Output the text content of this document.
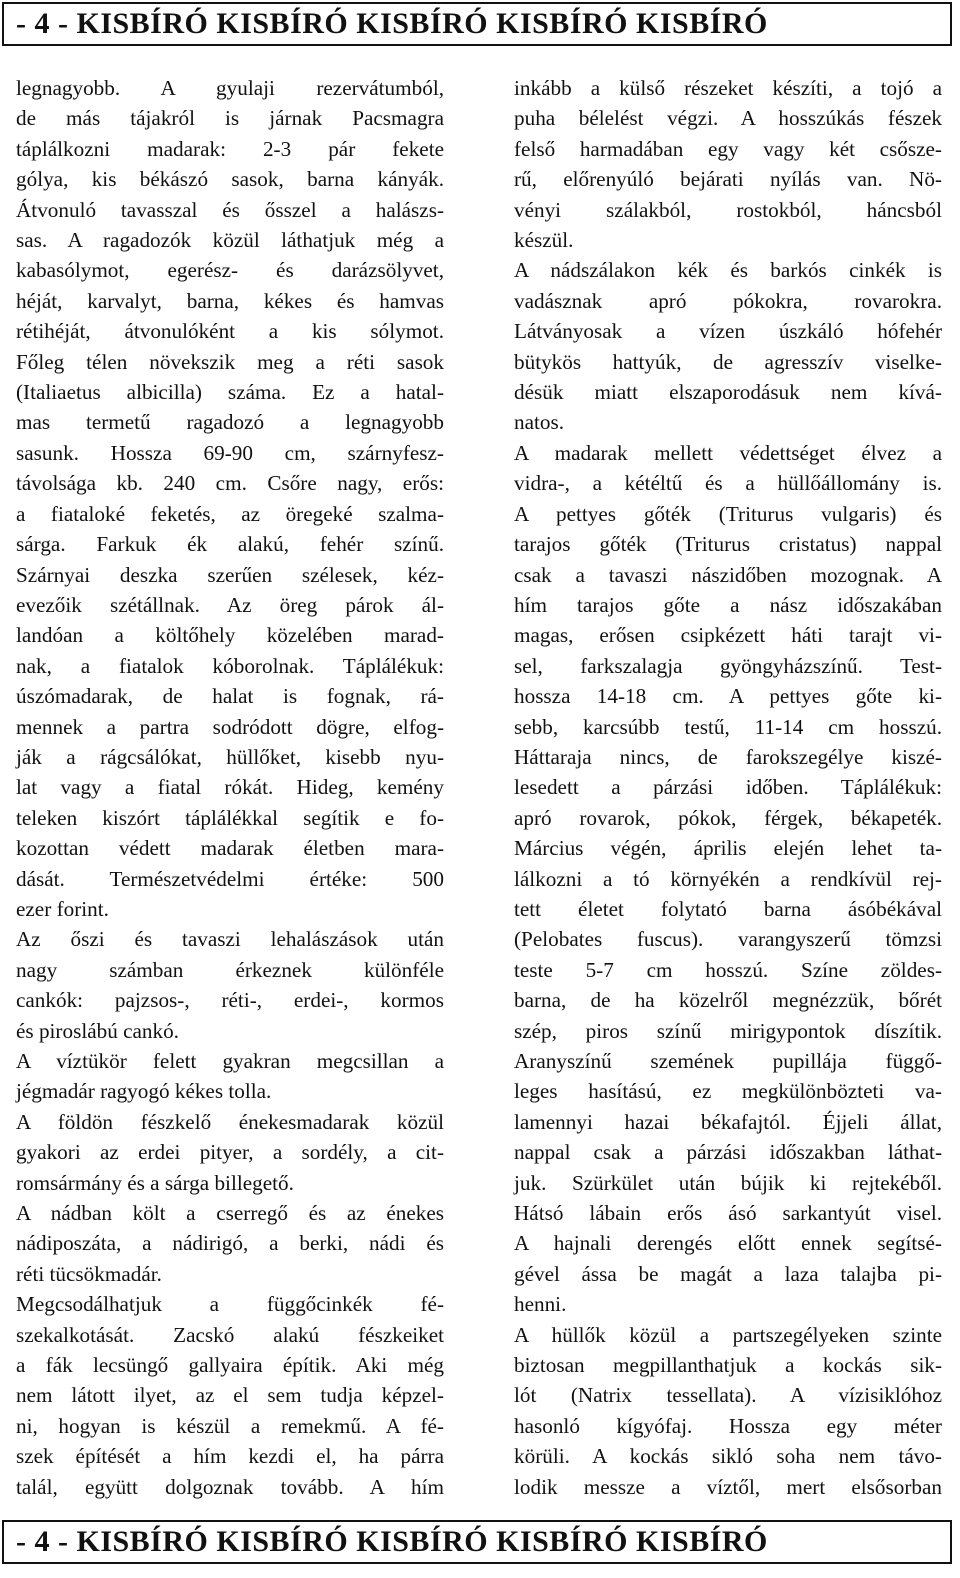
- 4 - KISBÍRÓ KISBÍRÓ KISBÍRÓ KISBÍRÓ KISBÍRÓ
legnagyobb. A gyulaji rezervátumból,
de más tájakról is járnak Pacsmagra
táplálkozni madarak: 2-3 pár fekete
gólya, kis békászó sasok, barna kányák.
Átvonuló tavasszal és ősszel a halászs-
sas. A ragadozók közül láthatjuk még a
kabasólymot, egerész- és darázsölyvet,
héját, karvalyt, barna, kékes és hamvas
rétihéját, átvonulóként a kis sólymot.
Főleg télen növekszik meg a réti sasok
(Italiaetus albicilla) száma. Ez a hatal-
mas termetű ragadozó a legnagyobb
sasunk. Hossza 69-90 cm, szárnyfesz-
távolsága kb. 240 cm. Csőre nagy, erős:
a fiataloké feketés, az öregeké szalma-
sárga. Farkuk ék alakú, fehér színű.
Szárnyai deszka szerűen szélesek, kéz-
evezőik szétállnak. Az öreg párok ál-
landóan a költőhely közelében marad-
nak, a fiatalok kóborolnak. Táplálékuk:
úszómadarak, de halat is fognak, rá-
mennek a partra sodródott dögre, elfog-
ják a rágcsálókat, hüllőket, kisebb nyu-
lat vagy a fiatal rókát. Hideg, kemény
teleken kiszórt táplálékkal segítik e fo-
kozottan védett madarak életben mara-
dását. Természetvédelmi értéke: 500
ezer forint.
Az őszi és tavaszi lehalászások után
nagy számban érkeznek különféle
cankók: pajzsos-, réti-, erdei-, kormos
és piroslábú cankó.
A víztükör felett gyakran megcsillan a
jégmadár ragyogó kékes tolla.
A földön fészkelő énekesmadarak közül
gyakori az erdei pityer, a sordély, a cit-
romsármány és a sárga billegető.
A nádban költ a cserregő és az énekes
nádiposzáta, a nádirigó, a berki, nádi és
réti tücsökmadár.
Megcsodálhatjuk a függőcinkék fé-
szekalkotását. Zacskó alakú fészkeiket
a fák lecsüngő gallyaira építik. Aki még
nem látott ilyet, az el sem tudja képzel-
ni, hogyan is készül a remekmű. A fé-
szek építését a hím kezdi el, ha párra
talál, együtt dolgoznak tovább. A hím
inkább a külső részeket készíti, a tojó a
puha bélelést végzi. A hosszúkás fészek
felső harmadában egy vagy két csősze-
rű, előrenyúló bejárati nyílás van. Nö-
vényi szálakból, rostokból, háncsból
készül.
A nádszálakon kék és barkós cinkék is
vadásznak apró pókokra, rovarokra.
Látványosak a vízen úszkáló hófehér
bütykös hattyúk, de agresszív viselke-
désük miatt elszaporodásuk nem kívá-
natos.
A madarak mellett védettséget élvez a
vidra-, a kétéltű és a hüllőállomány is.
A pettyes gőték (Triturus vulgaris) és
tarajos gőték (Triturus cristatus) nappal
csak a tavaszi nászidőben mozognak. A
hím tarajos gőte a nász időszakában
magas, erősen csipkézett háti tarajt vi-
sel, farkszalagja gyöngyházszínű. Test-
hossza 14-18 cm. A pettyes gőte ki-
sebb, karcsúbb testű, 11-14 cm hosszú.
Háttaraja nincs, de farokszegélye kiszé-
lesedett a párzási időben. Táplálékuk:
apró rovarok, pókok, férgek, békapeték.
Március végén, április elején lehet ta-
lálkozni a tó környékén a rendkívül rej-
tett életet folytató barna ásóbékával
(Pelobates fuscus). varangyszerű tömzsi
teste 5-7 cm hosszú. Színe zöldes-
barna, de ha közelről megnézzük, bőrét
szép, piros színű mirigypontok díszítik.
Aranyszínű szemének pupillája függő-
leges hasítású, ez megkülönbözteti va-
lamennyi hazai békafajtól. Éjjeli állat,
nappal csak a párzási időszakban láthat-
juk. Szürkület után bújik ki rejtekéből.
Hátsó lábain erős ásó sarkantyút visel.
A hajnali derengés előtt ennek segítsé-
gével ássa be magát a laza talajba pi-
henni.
A hüllők közül a partszegélyeken szinte
biztosan megpillanthatjuk a kockás sik-
lót (Natrix tessellata). A vízisiklóhoz
hasonló kígyófaj. Hossza egy méter
körüli. A kockás sikló soha nem távo-
lodik messze a víztől, mert elsősorban
- 4 - KISBÍRÓ KISBÍRÓ KISBÍRÓ KISBÍRÓ KISBÍRÓ
